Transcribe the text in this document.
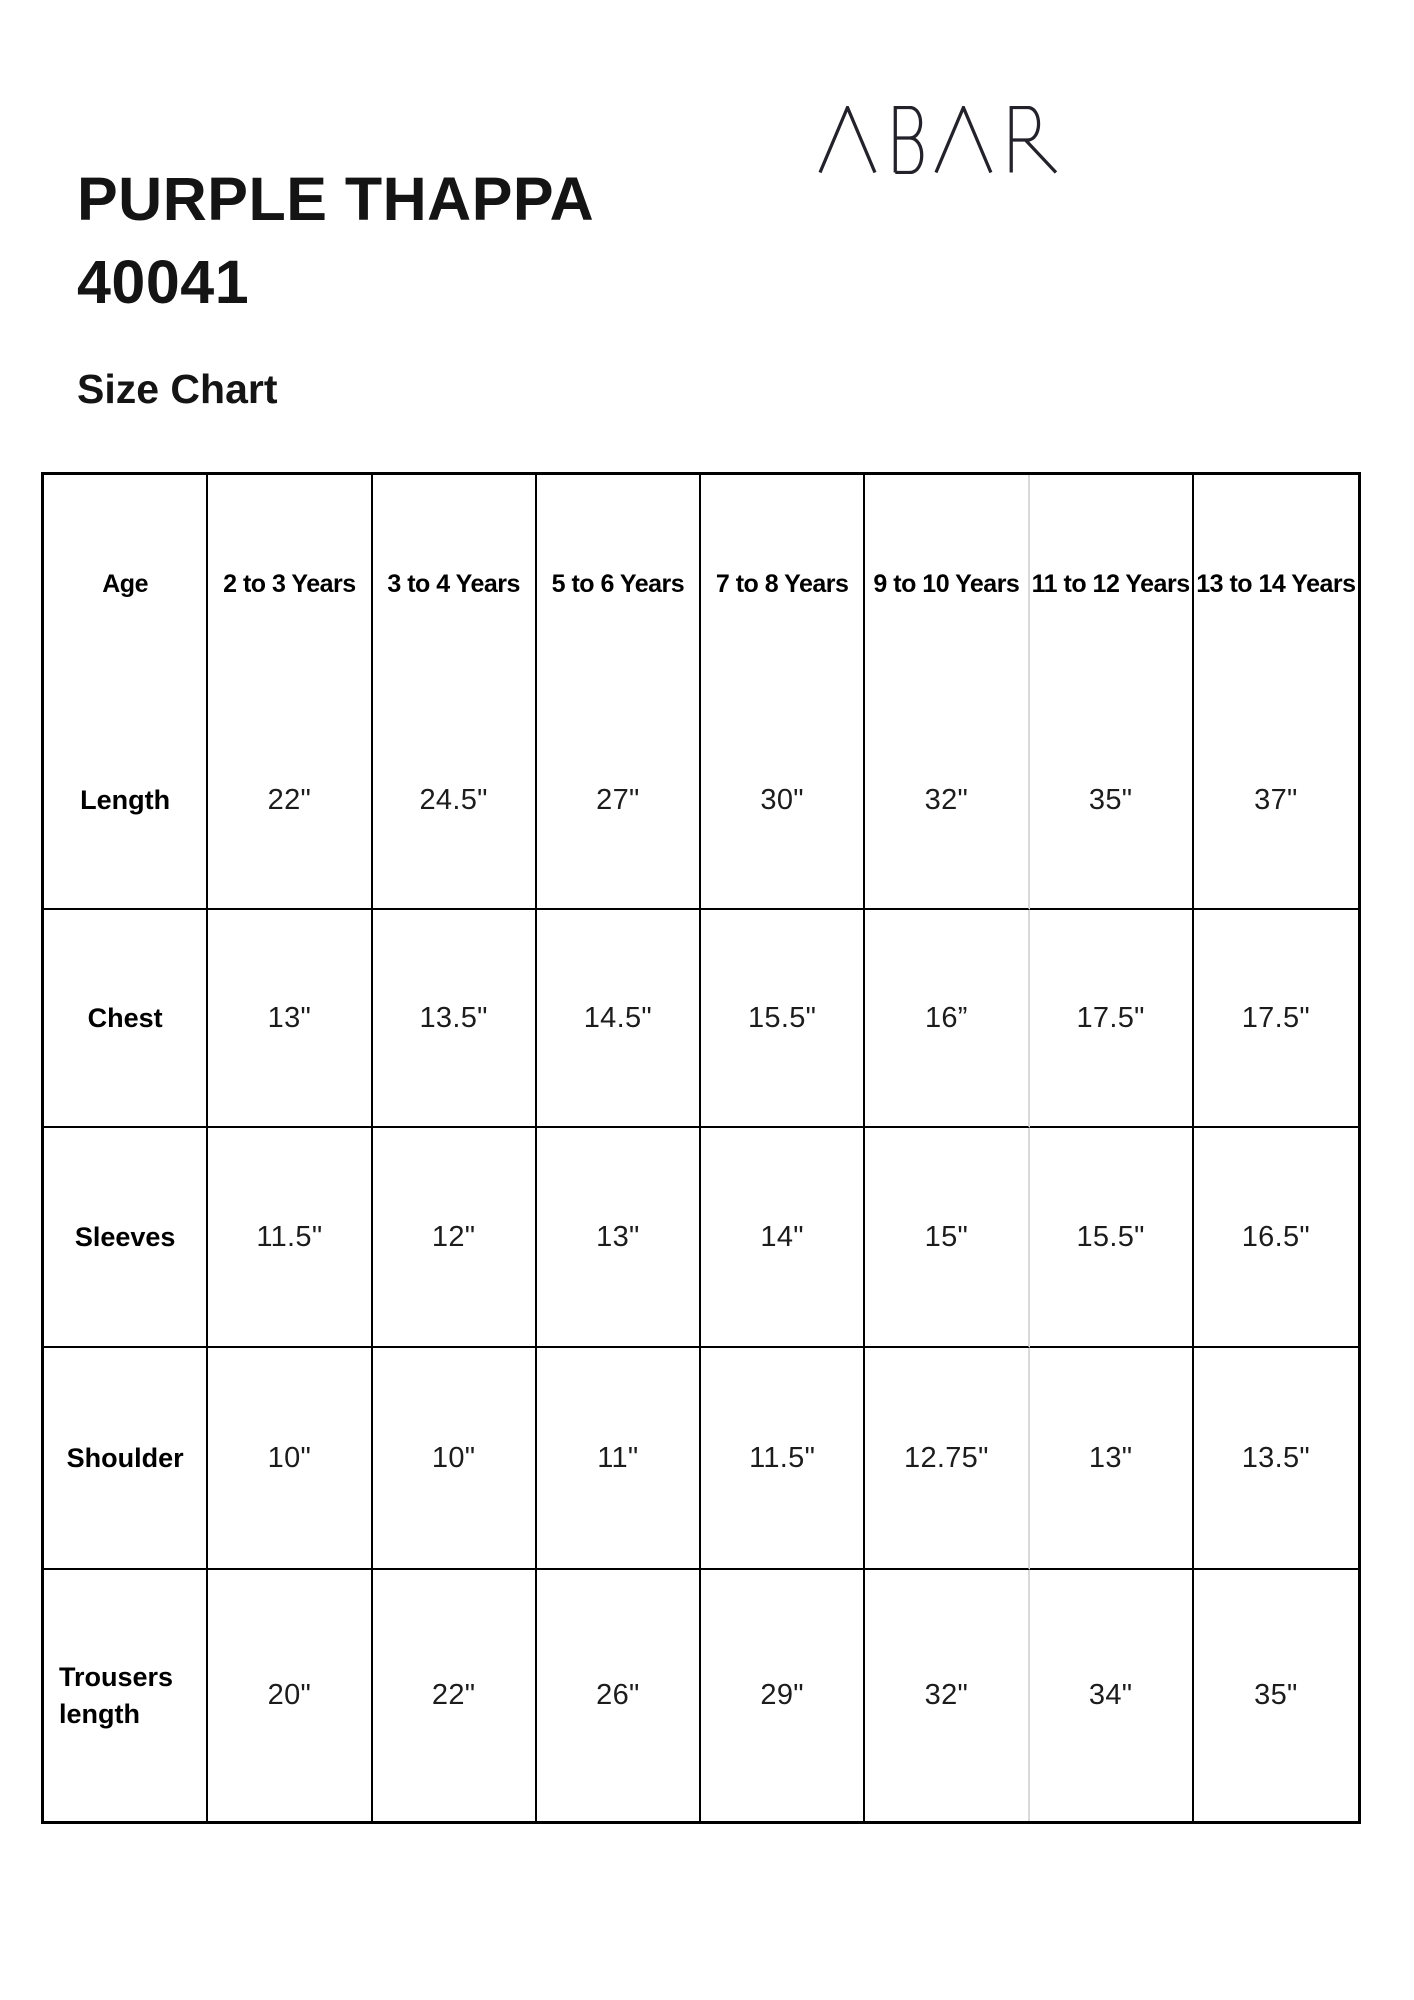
PURPLE THAPPA
40041
Size Chart
Age	2 to 3 Years	3 to 4 Years	5 to 6 Years	7 to 8 Years	9 to 10 Years	11 to 12 Years	13 to 14 Years
Length	22"	24.5"	27"	30"	32"	35"	37"
Chest	13"	13.5"	14.5"	15.5"	16”	17.5"	17.5"
Sleeves	11.5"	12"	13"	14"	15"	15.5"	16.5"
Shoulder	10"	10"	11"	11.5"	12.75"	13"	13.5"
Trousers length	20"	22"	26"	29"	32"	34"	35"
